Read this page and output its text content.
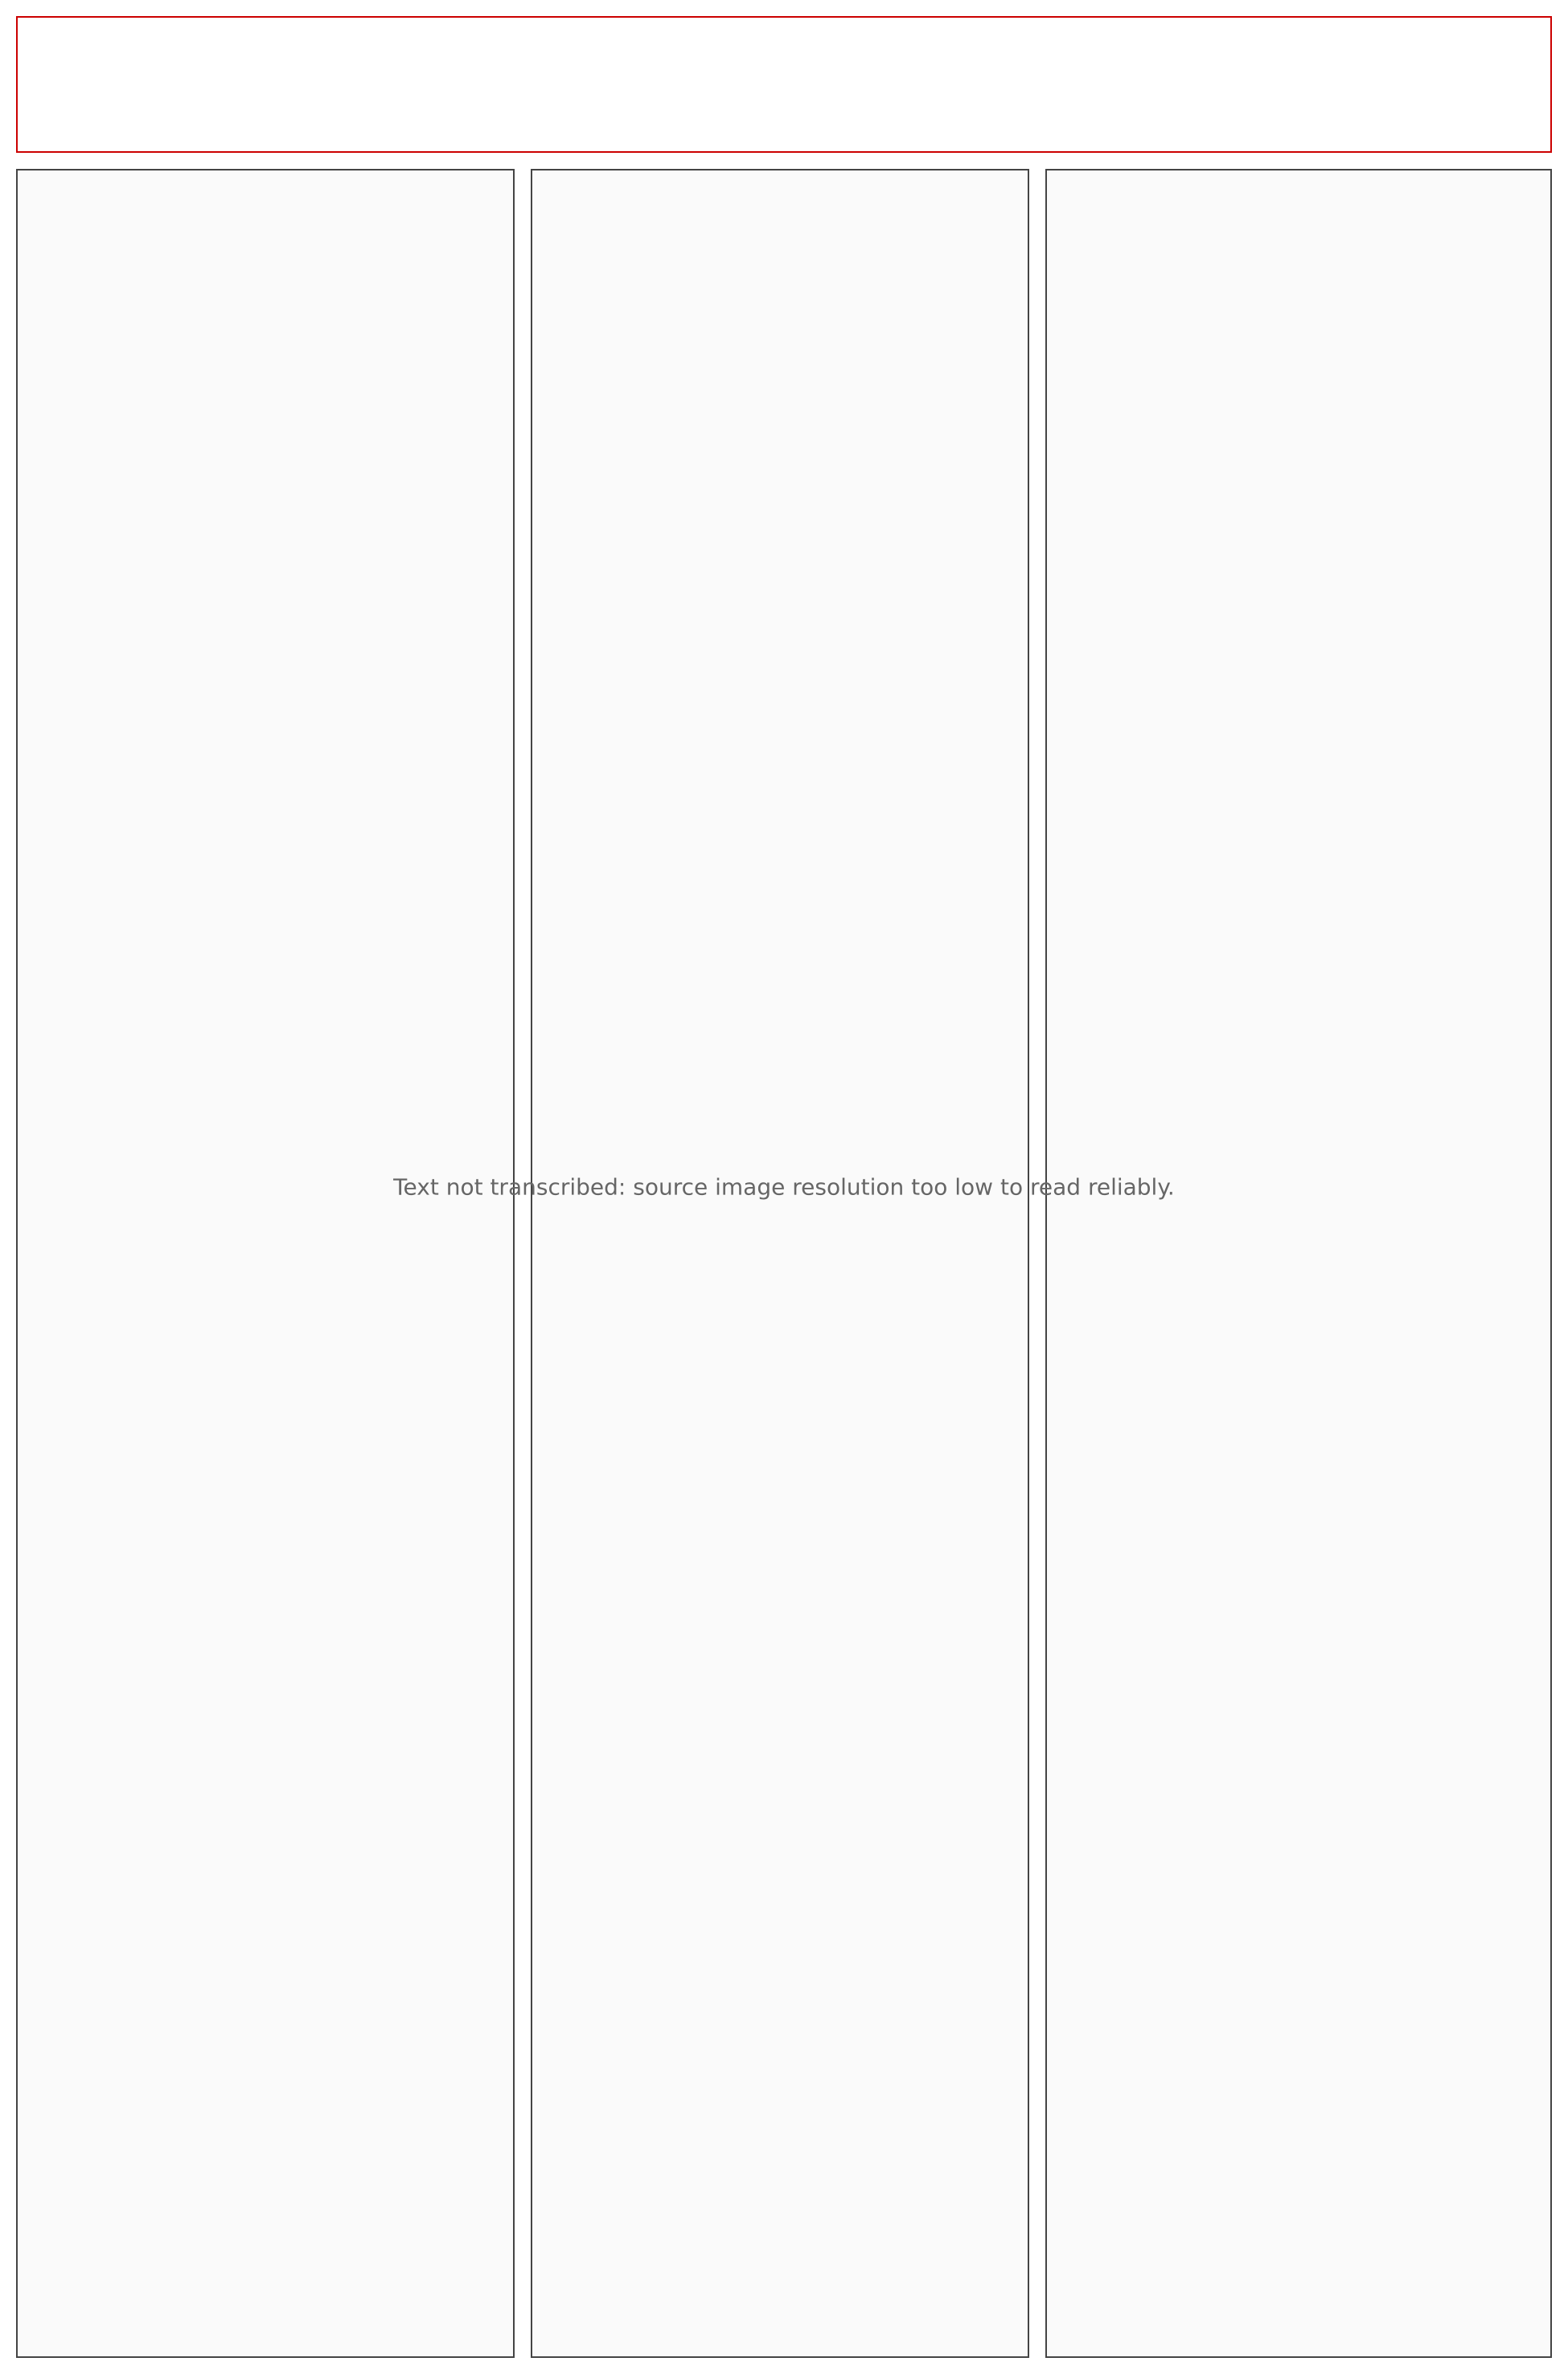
Text not transcribed: source image resolution too low to read reliably.
